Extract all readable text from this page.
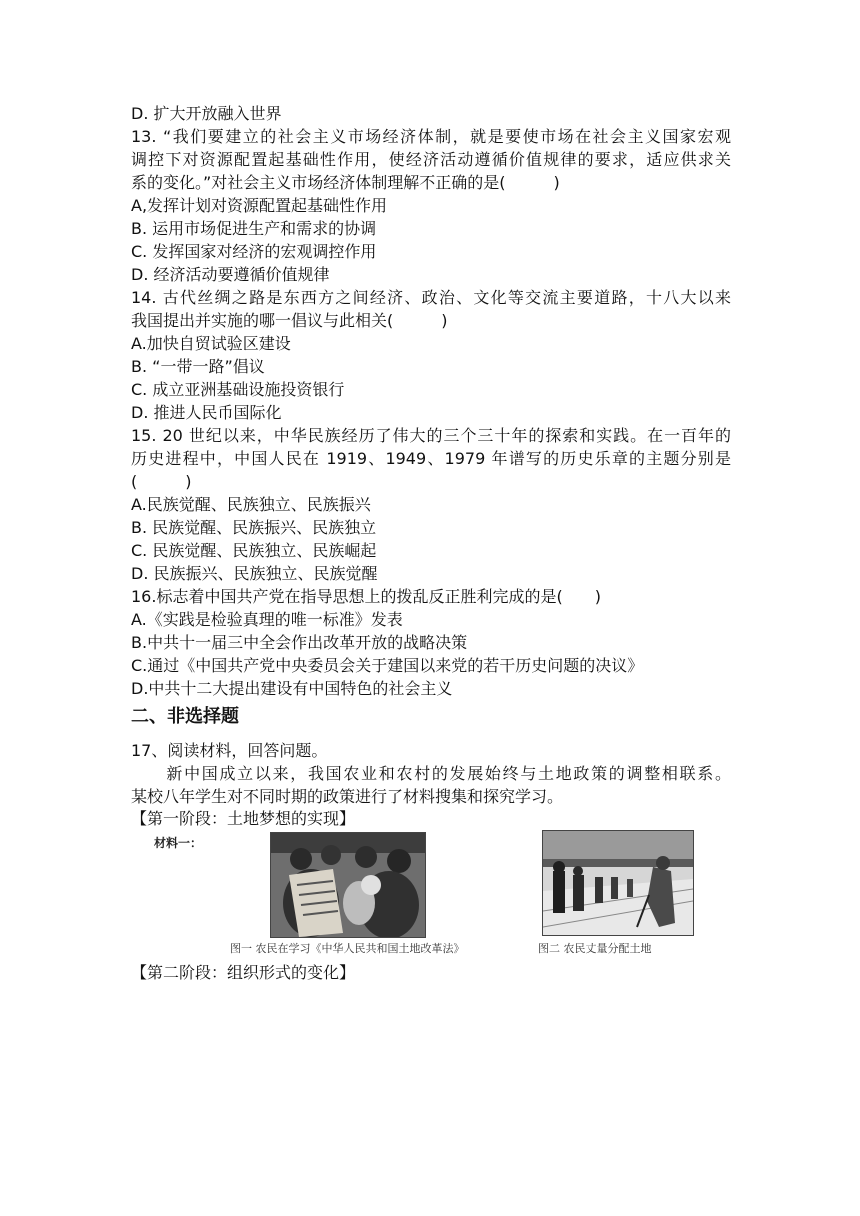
D. 扩大开放融入世界
13. “我们要建立的社会主义市场经济体制，就是要使市场在社会主义国家宏观
调控下对资源配置起基础性作用，使经济活动遵循价值规律的要求，适应供求关
系的变化。”对社会主义市场经济体制理解不正确的是(　　　)
A,发挥计划对资源配置起基础性作用
B. 运用市场促进生产和需求的协调
C. 发挥国家对经济的宏观调控作用
D. 经济活动要遵循价值规律
14. 古代丝绸之路是东西方之间经济、政治、文化等交流主要道路，十八大以来
我国提出并实施的哪一倡议与此相关(　　　)
A.加快自贸试验区建设
B. “一带一路”倡议
C. 成立亚洲基础设施投资银行
D. 推进人民币国际化
15. 20 世纪以来，中华民族经历了伟大的三个三十年的探索和实践。在一百年的
历史进程中，中国人民在 1919、1949、1979 年谱写的历史乐章的主题分别是
(　　　)
A.民族觉醒、民族独立、民族振兴
B. 民族觉醒、民族振兴、民族独立
C. 民族觉醒、民族独立、民族崛起
D. 民族振兴、民族独立、民族觉醒
16.标志着中国共产党在指导思想上的拨乱反正胜利完成的是(　　)
A.《实践是检验真理的唯一标准》发表
B.中共十一届三中全会作出改革开放的战略决策
C.通过《中国共产党中央委员会关于建国以来党的若干历史问题的决议》
D.中共十二大提出建设有中国特色的社会主义
二、非选择题
17、阅读材料，回答问题。
　　新中国成立以来，我国农业和农村的发展始终与土地政策的调整相联系。
某校八年学生对不同时期的政策进行了材料搜集和探究学习。
【第一阶段：土地梦想的实现】
材料一：
图一 农民在学习《中华人民共和国土地改革法》	图二 农民丈量分配土地
【第二阶段：组织形式的变化】
